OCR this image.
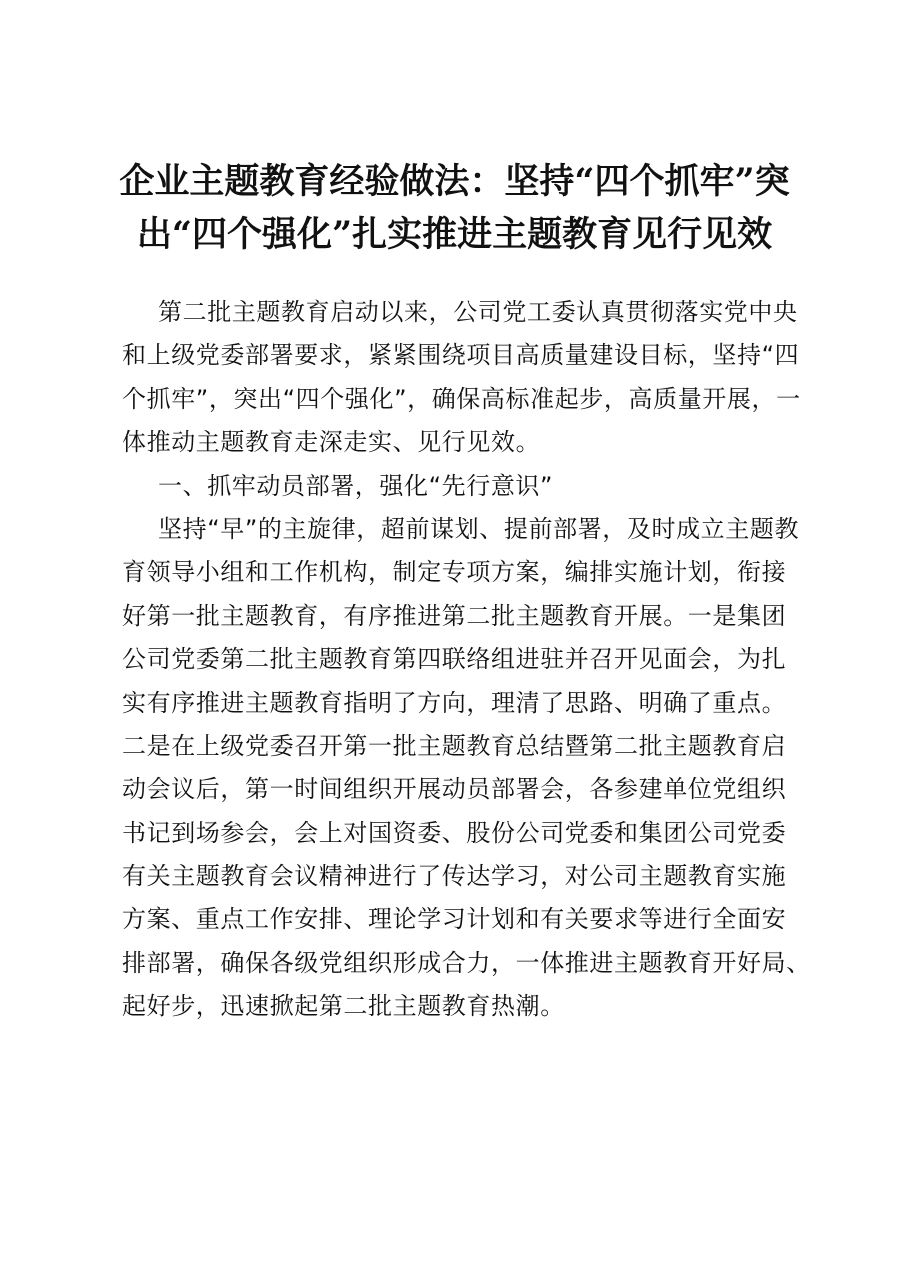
企业主题教育经验做法：坚持“四个抓牢”突
出“四个强化”扎实推进主题教育见行见效
第二批主题教育启动以来，公司党工委认真贯彻落实党中央
和上级党委部署要求，紧紧围绕项目高质量建设目标，坚持“四
个抓牢”，突出“四个强化”，确保高标准起步，高质量开展，一
体推动主题教育走深走实、见行见效。
一、抓牢动员部署，强化“先行意识”
坚持“早”的主旋律，超前谋划、提前部署，及时成立主题教
育领导小组和工作机构，制定专项方案，编排实施计划，衔接
好第一批主题教育，有序推进第二批主题教育开展。一是集团
公司党委第二批主题教育第四联络组进驻并召开见面会，为扎
实有序推进主题教育指明了方向，理清了思路、明确了重点。
二是在上级党委召开第一批主题教育总结暨第二批主题教育启
动会议后，第一时间组织开展动员部署会，各参建单位党组织
书记到场参会，会上对国资委、股份公司党委和集团公司党委
有关主题教育会议精神进行了传达学习，对公司主题教育实施
方案、重点工作安排、理论学习计划和有关要求等进行全面安
排部署，确保各级党组织形成合力，一体推进主题教育开好局、
起好步，迅速掀起第二批主题教育热潮。
